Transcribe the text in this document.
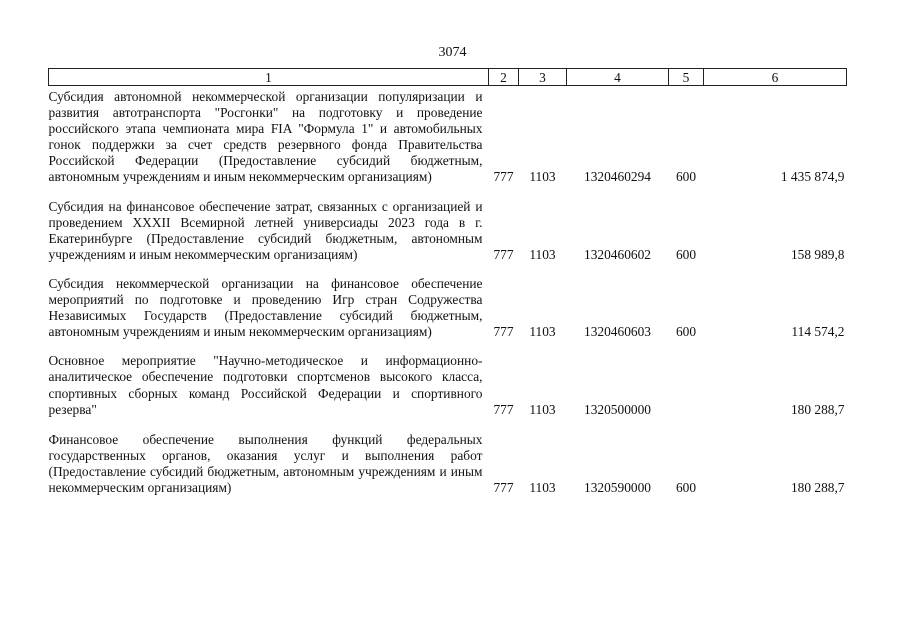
3074
1	2	3	4	5	6
Субсидия автономной некоммерческой организации популяризации и развития автотранспорта "Росгонки" на подготовку и проведение российского этапа чемпионата мира FIA "Формула 1" и автомобильных гонок поддержки за счет средств резервного фонда Правительства Российской Федерации (Предоставление субсидий бюджетным, автономным учреждениям и иным некоммерческим организациям)	777	1103	1320460294	600	1 435 874,9
Субсидия на финансовое обеспечение затрат, связанных с организацией и проведением XXXII Всемирной летней универсиады 2023 года в г. Екатеринбурге (Предоставление субсидий бюджетным, автономным учреждениям и иным некоммерческим организациям)	777	1103	1320460602	600	158 989,8
Субсидия некоммерческой организации на финансовое обеспечение мероприятий по подготовке и проведению Игр стран Содружества Независимых Государств (Предоставление субсидий бюджетным, автономным учреждениям и иным некоммерческим организациям)	777	1103	1320460603	600	114 574,2
Основное мероприятие "Научно-методическое и информационно-аналитическое обеспечение подготовки спортсменов высокого класса, спортивных сборных команд Российской Федерации и спортивного резерва"	777	1103	1320500000		180 288,7
Финансовое обеспечение выполнения функций федеральных государственных органов, оказания услуг и выполнения работ (Предоставление субсидий бюджетным, автономным учреждениям и иным некоммерческим организациям)	777	1103	1320590000	600	180 288,7
